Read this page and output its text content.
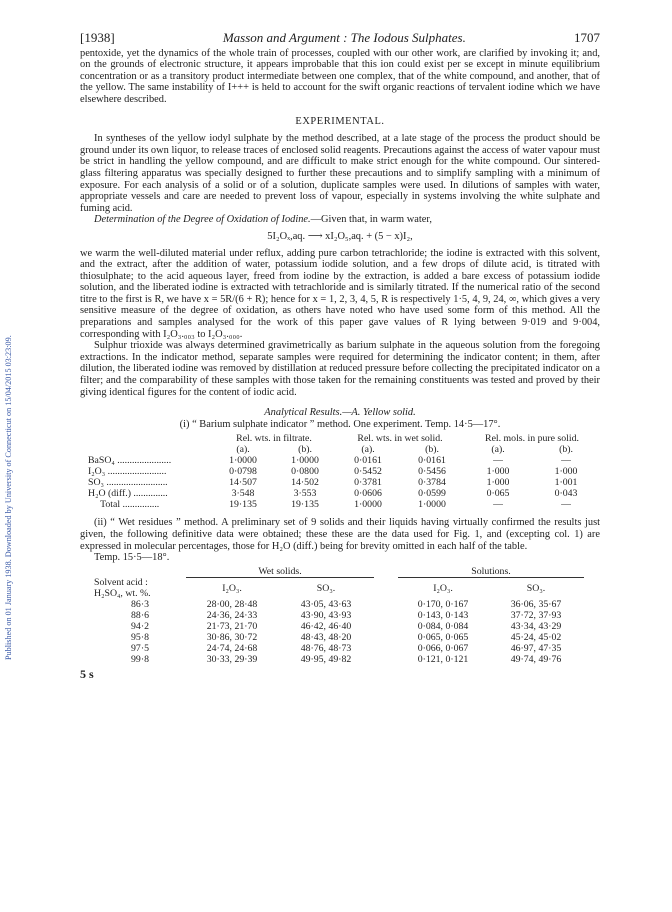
Published on 01 January 1938. Downloaded by University of Connecticut on 15/04/2015 03:23:09.
[1938]	Masson and Argument : The Iodous Sulphates.	1707

pentoxide, yet the dynamics of the whole train of processes, coupled with our other work, are clarified by invoking it; and, on the grounds of electronic structure, it appears improbable that this ion could exist per se except in minute equilibrium concentration or as a transitory product intermediate between one complex, that of the white compound, and another, that of the yellow. The same instability of I+++ is held to account for the swift organic reactions of tervalent iodine which we have elsewhere described.

EXPERIMENTAL.

In syntheses of the yellow iodyl sulphate by the method described, at a late stage of the process the product should be ground under its own liquor, to release traces of enclosed solid reagents. Precautions against the access of water vapour must be strict in handling the yellow compound, and are difficult to make strict enough for the white compound. Our sintered-glass filtering apparatus was specially designed to further these precautions and to simplify sampling with a minimum of exposure. For each analysis of a solid or of a solution, duplicate samples were used. In dilutions of samples with water, appropriate vessels and care are needed to prevent loss of vapour, especially in systems involving the white sulphate and fuming acid.

Determination of the Degree of Oxidation of Iodine.—Given that, in warm water,

5I₂Oₓ,aq. ⟶ xI₂O₅,aq. + (5 − x)I₂,

we warm the well-diluted material under reflux, adding pure carbon tetrachloride; the iodine is extracted with this solvent, and the extract, after the addition of water, potassium iodide solution, and a few drops of dilute acid, is titrated with thiosulphate; to the acid aqueous layer, freed from iodine by the extraction, is added a bare excess of potassium iodide solution, and the liberated iodine is extracted with tetrachloride and is similarly titrated. If the numerical ratio of the second titre to the first is R, we have x = 5R/(6 + R); hence for x = 1, 2, 3, 4, 5, R is respectively 1·5, 4, 9, 24, ∞, which gives a very sensitive measure of the degree of oxidation, as others have noted who have used some form of this method. All the preparations and samples analysed for the work of this paper gave values of R lying between 9·019 and 9·004, corresponding with I₂O₃.₀₀₃ to I₂O₃.₀₀₀.

Sulphur trioxide was always determined gravimetrically as barium sulphate in the aqueous solution from the foregoing extractions. In the indicator method, separate samples were required for determining the indicator content; in them, after dilution, the liberated iodine was removed by distillation at reduced pressure before collecting the precipitated indicator on a filter; and the comparability of these samples with those taken for the remaining constituents was tested and proved by their giving identical figures for the content of iodic acid.

Analytical Results.—A. Yellow solid.
(i) “ Barium sulphate indicator ” method. One experiment. Temp. 14·5—17°.
	Rel. wts. in filtrate.		Rel. wts. in wet solid.		Rel. mols. in pure solid.	
	(a).	(b).	(a).	(b).	(a).	(b).
BaSO₄ ......................	1·0000	1·0000	0·0161	0·0161	—	—
I₂O₃ ........................	0·0798	0·0800	0·5452	0·5456	1·000	1·000
SO₃ .........................	14·507	14·502	0·3781	0·3784	1·000	1·001
H₂O (diff.) ..............	3·548	3·553	0·0606	0·0599	0·065	0·043
Total ...............	19·135	19·135	1·0000	1·0000	—	—

(ii) “ Wet residues ” method. A preliminary set of 9 solids and their liquids having virtually confirmed the results just given, the following definitive data were obtained; these these are the data used for Fig. 1, and (excepting col. 1) are expressed in molecular percentages, those for H₂O (diff.) being for brevity omitted in each half of the table.

Temp. 15·5—18°.
	Wet solids.			Solutions.	

Solvent acid :
H₂SO₄, wt. %.	I₂O₃.	SO₃.		I₂O₃.	SO₃.
86·3	28·00, 28·48	43·05, 43·63		0·170, 0·167	36·06, 35·67
88·6	24·36, 24·33	43·90, 43·93		0·143, 0·143	37·72, 37·93
94·2	21·73, 21·70	46·42, 46·40		0·084, 0·084	43·34, 43·29
95·8	30·86, 30·72	48·43, 48·20		0·065, 0·065	45·24, 45·02
97·5	24·74, 24·68	48·76, 48·73		0·066, 0·067	46·97, 47·35
99·8	30·33, 29·39	49·95, 49·82		0·121, 0·121	49·74, 49·76
5 s
